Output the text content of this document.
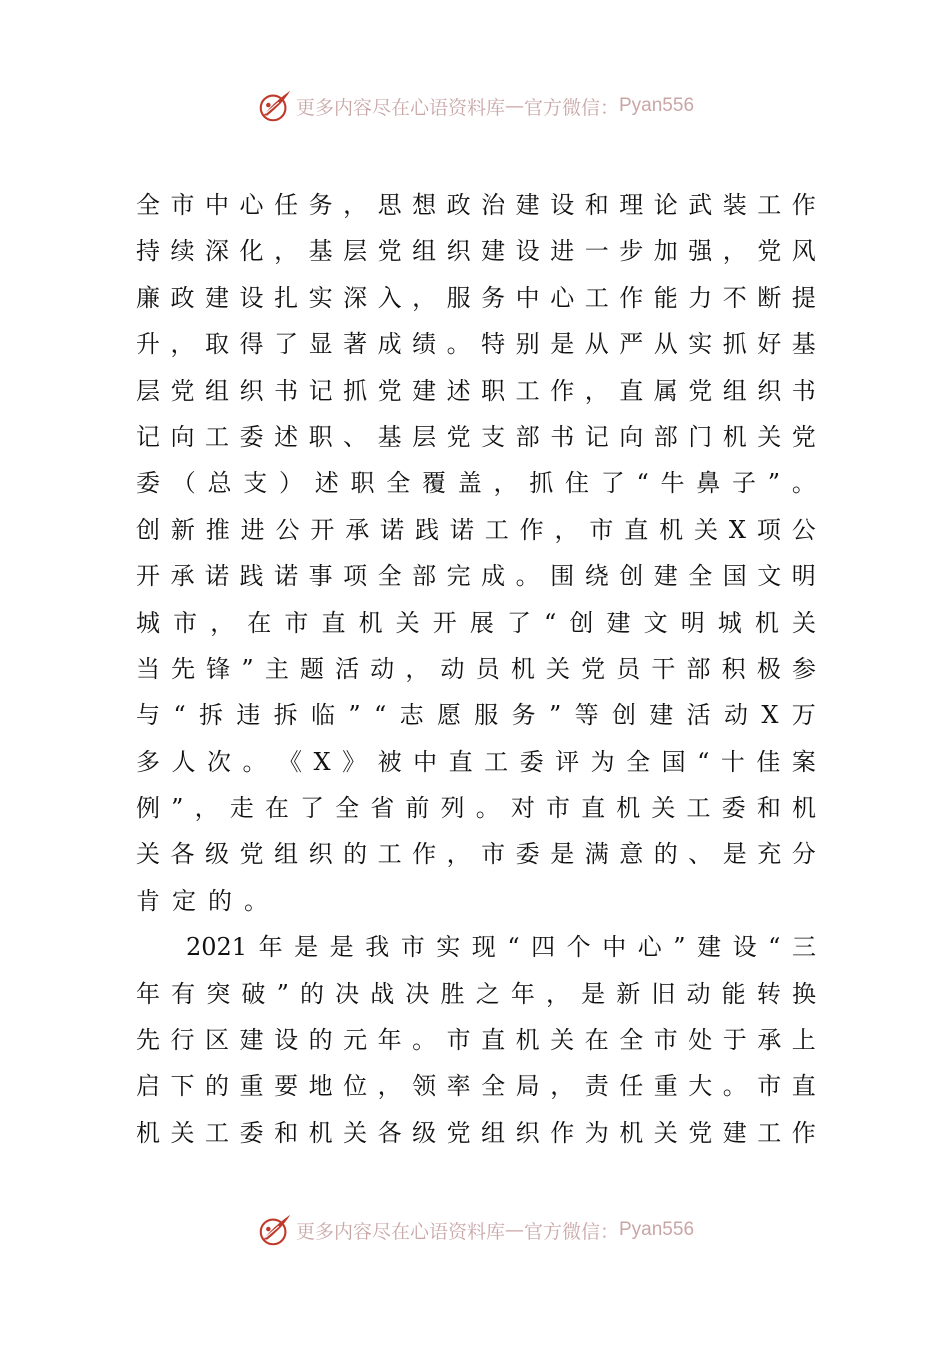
更多内容尽在心语资料库 — 官方微信： Pyan556
全 市 中 心 任 务 ， 思 想 政 治 建 设 和 理 论 武 装 工 作
持 续 深 化 ， 基 层 党 组 织 建 设 进 一 步 加 强 ， 党 风
廉 政 建 设 扎 实 深 入 ， 服 务 中 心 工 作 能 力 不 断 提
升 ， 取 得 了 显 著 成 绩 。 特 别 是 从 严 从 实 抓 好 基
层 党 组 织 书 记 抓 党 建 述 职 工 作 ， 直 属 党 组 织 书
记 向 工 委 述 职 、 基 层 党 支 部 书 记 向 部 门 机 关 党
委 （ 总 支 ） 述 职 全 覆 盖 ， 抓 住 了 “ 牛 鼻 子 ” 。
创 新 推 进 公 开 承 诺 践 诺 工 作 ， 市 直 机 关 X 项 公
开 承 诺 践 诺 事 项 全 部 完 成 。 围 绕 创 建 全 国 文 明
城 市 ， 在 市 直 机 关 开 展 了 “ 创 建 文 明 城 机 关
当 先 锋 ” 主 题 活 动 ， 动 员 机 关 党 员 干 部 积 极 参
与 “ 拆 违 拆 临 ” “ 志 愿 服 务 ” 等 创 建 活 动 X 万
多 人 次 。 《 X 》 被 中 直 工 委 评 为 全 国 “ 十 佳 案
例 ” ， 走 在 了 全 省 前 列 。 对 市 直 机 关 工 委 和 机
关 各 级 党 组 织 的 工 作 ， 市 委 是 满 意 的 、 是 充 分
肯定的。
2021 年 是 是 我 市 实 现 “ 四 个 中 心 ” 建 设 “ 三
年 有 突 破 ” 的 决 战 决 胜 之 年 ， 是 新 旧 动 能 转 换
先 行 区 建 设 的 元 年 。 市 直 机 关 在 全 市 处 于 承 上
启 下 的 重 要 地 位 ， 领 率 全 局 ， 责 任 重 大 。 市 直
机 关 工 委 和 机 关 各 级 党 组 织 作 为 机 关 党 建 工 作
更多内容尽在心语资料库 — 官方微信： Pyan556
